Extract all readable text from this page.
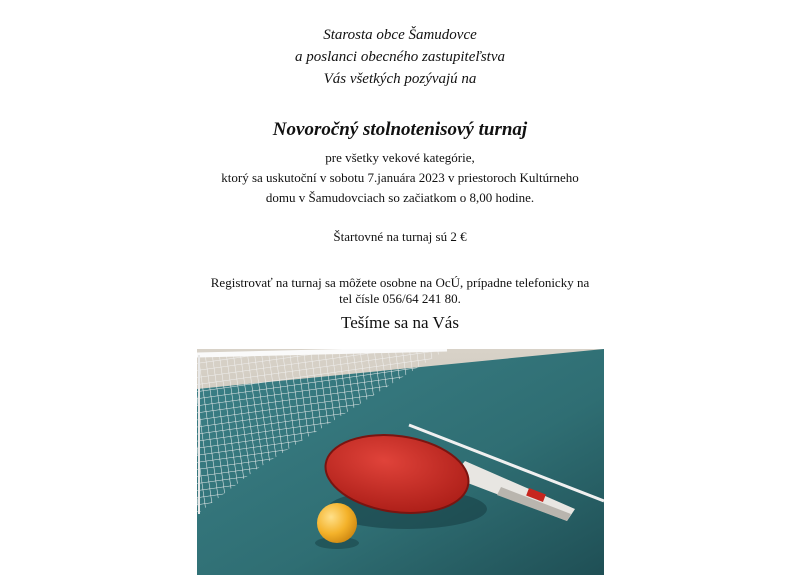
Starosta obce Šamudovce
a poslanci obecného zastupiteľstva
Vás všetkých pozývajú na
Novoročný stolnotenisový turnaj
pre všetky vekové kategórie,
ktorý sa uskutoční v sobotu 7.januára 2023 v priestoroch Kultúrneho
domu v Šamudovciach so začiatkom o 8,00 hodine.
Štartovné na turnaj sú 2 €
Registrovať na turnaj sa môžete osobne na OcÚ, prípadne telefonicky na
tel čísle 056/64 241 80.
Tešíme sa na Vás
